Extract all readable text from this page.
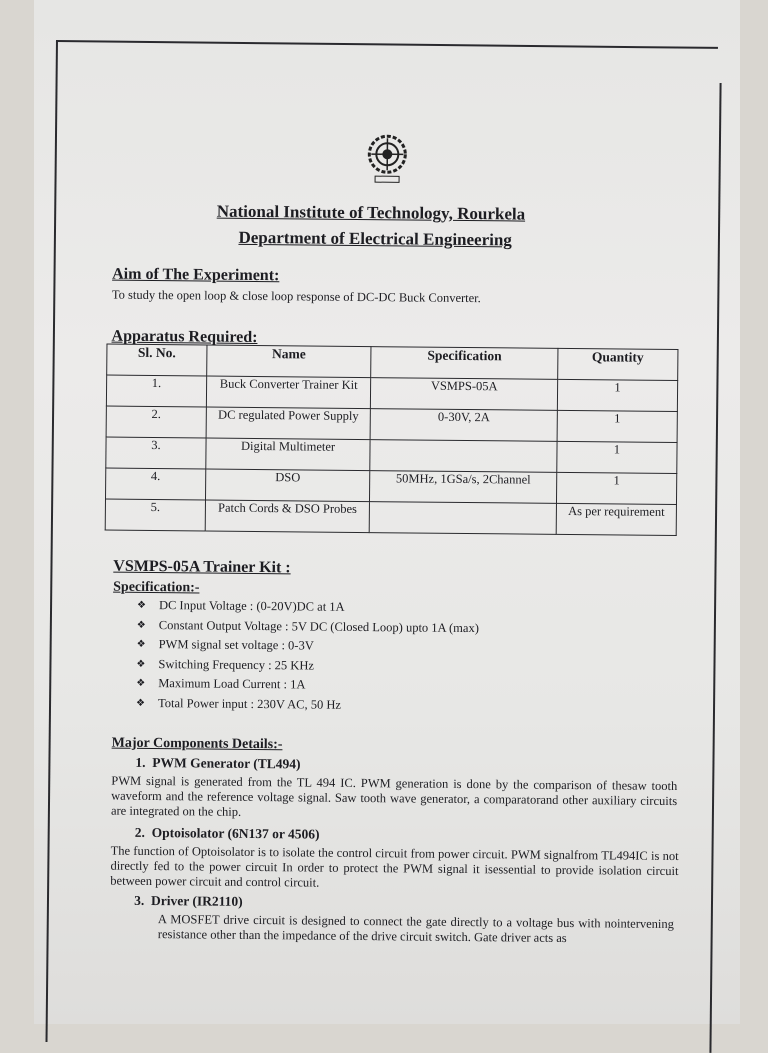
National Institute of Technology, Rourkela
Department of Electrical Engineering
Aim of The Experiment:
To study the open loop & close loop response of DC-DC Buck Converter.
Apparatus Required:
Sl. No.	Name	Specification	Quantity
1.	Buck Converter Trainer Kit	VSMPS-05A	1
2.	DC regulated Power Supply	0-30V, 2A	1
3.	Digital Multimeter		1
4.	DSO	50MHz, 1GSa/s, 2Channel	1
5.	Patch Cords & DSO Probes		As per requirement
VSMPS-05A Trainer Kit :
Specification:-
❖ DC Input Voltage : (0-20V)DC at 1A
❖ Constant Output Voltage : 5V DC (Closed Loop) upto 1A (max)
❖ PWM signal set voltage : 0-3V
❖ Switching Frequency : 25 KHz
❖ Maximum Load Current : 1A
❖ Total Power input : 230V AC, 50 Hz
Major Components Details:-
1. PWM Generator (TL494)
PWM signal is generated from the TL 494 IC. PWM generation is done by the comparison of thesaw tooth waveform and the reference voltage signal. Saw tooth wave generator, a comparatorand other auxiliary circuits are integrated on the chip.
2. Optoisolator (6N137 or 4506)
The function of Optoisolator is to isolate the control circuit from power circuit. PWM signalfrom TL494IC is not directly fed to the power circuit In order to protect the PWM signal it isessential to provide isolation circuit between power circuit and control circuit.
3. Driver (IR2110)
A MOSFET drive circuit is designed to connect the gate directly to a voltage bus with nointervening resistance other than the impedance of the drive circuit switch. Gate driver acts as
